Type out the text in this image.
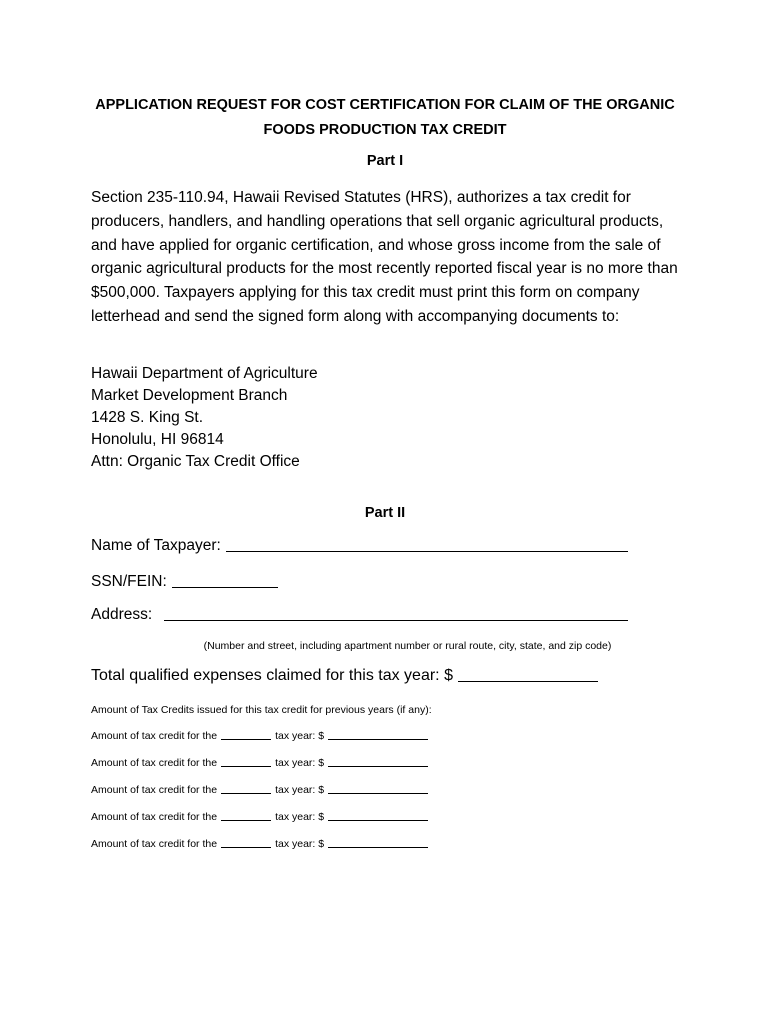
APPLICATION REQUEST FOR COST CERTIFICATION FOR CLAIM OF THE ORGANIC
FOODS PRODUCTION TAX CREDIT
Part I

Section 235-110.94, Hawaii Revised Statutes (HRS), authorizes a tax credit for producers, handlers, and handling operations that sell organic agricultural products, and have applied for organic certification, and whose gross income from the sale of organic agricultural products for the most recently reported fiscal year is no more than $500,000. Taxpayers applying for this tax credit must print this form on company letterhead and send the signed form along with accompanying documents to:

Hawaii Department of Agriculture
Market Development Branch
1428 S. King St.
Honolulu, HI 96814
Attn: Organic Tax Credit Office
Part II
Name of Taxpayer:
SSN/FEIN:
Address:
(Number and street, including apartment number or rural route, city, state, and zip code)
Total qualified expenses claimed for this tax year: $
Amount of Tax Credits issued for this tax credit for previous years (if any):
Amount of tax credit for the	tax year: $
Amount of tax credit for the	tax year: $
Amount of tax credit for the	tax year: $
Amount of tax credit for the	tax year: $
Amount of tax credit for the	tax year: $
